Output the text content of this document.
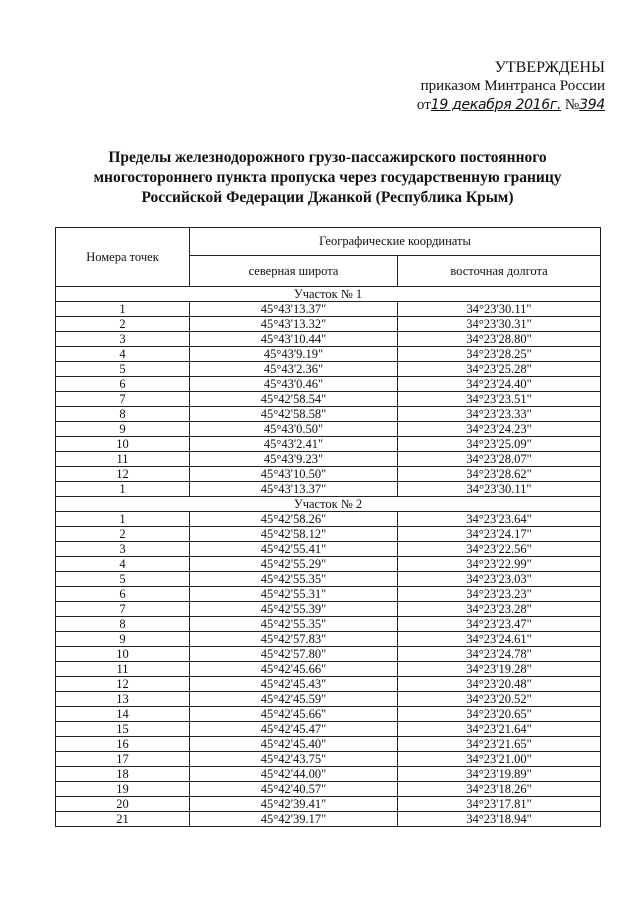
УТВЕРЖДЕНЫ
приказом Минтранса России
от19 декабря 2016г. №394
Пределы железнодорожного грузо-пассажирского постоянного многостороннего пункта пропуска через государственную границу Российской Федерации Джанкой (Республика Крым)
Номера точек	Географические координаты	
	северная широта	восточная долгота
Участок № 1		
1	45°43'13.37"	34°23'30.11"
2	45°43'13.32"	34°23'30.31"
3	45°43'10.44"	34°23'28.80"
4	45°43'9.19"	34°23'28.25"
5	45°43'2.36"	34°23'25.28"
6	45°43'0.46"	34°23'24.40"
7	45°42'58.54"	34°23'23.51"
8	45°42'58.58"	34°23'23.33"
9	45°43'0.50"	34°23'24.23"
10	45°43'2.41"	34°23'25.09"
11	45°43'9.23"	34°23'28.07"
12	45°43'10.50"	34°23'28.62"
1	45°43'13.37"	34°23'30.11"
Участок № 2		
1	45°42'58.26"	34°23'23.64"
2	45°42'58.12"	34°23'24.17"
3	45°42'55.41"	34°23'22.56"
4	45°42'55.29"	34°23'22.99"
5	45°42'55.35"	34°23'23.03"
6	45°42'55.31"	34°23'23.23"
7	45°42'55.39"	34°23'23.28"
8	45°42'55.35"	34°23'23.47"
9	45°42'57.83"	34°23'24.61"
10	45°42'57.80"	34°23'24.78"
11	45°42'45.66"	34°23'19.28"
12	45°42'45.43"	34°23'20.48"
13	45°42'45.59"	34°23'20.52"
14	45°42'45.66"	34°23'20.65"
15	45°42'45.47"	34°23'21.64"
16	45°42'45.40"	34°23'21.65"
17	45°42'43.75"	34°23'21.00"
18	45°42'44.00"	34°23'19.89"
19	45°42'40.57"	34°23'18.26"
20	45°42'39.41"	34°23'17.81"
21	45°42'39.17"	34°23'18.94"
